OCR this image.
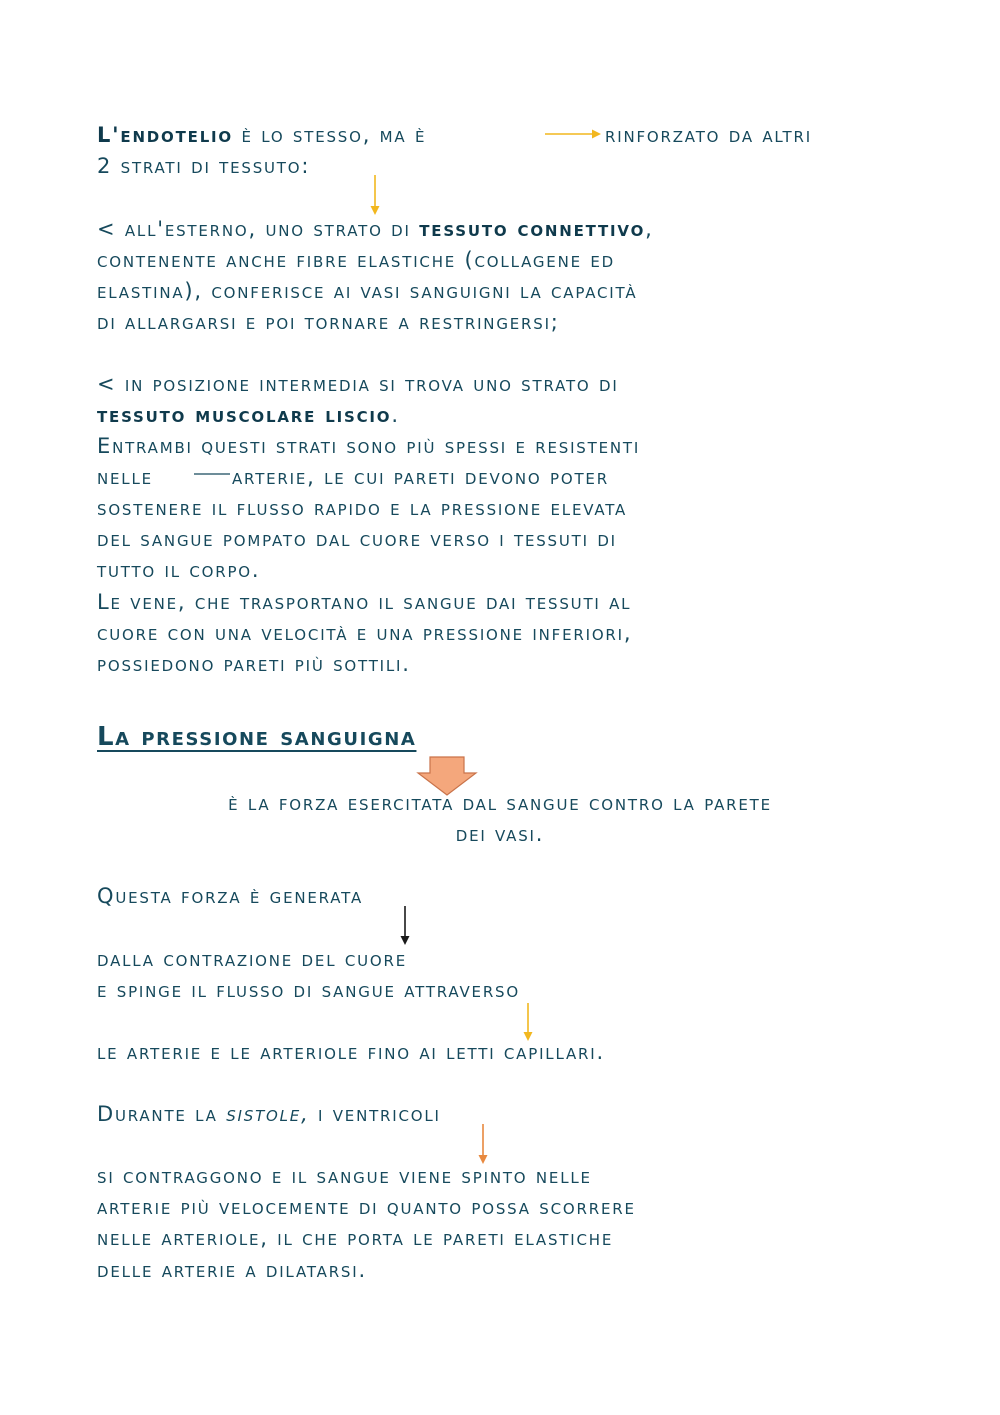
L'endotelio è lo stesso, ma è	rinforzato da altri
2 strati di tessuto:
< all'esterno, uno strato di tessuto connettivo,
contenente anche fibre elastiche (collagene ed
elastina), conferisce ai vasi sanguigni la capacità
di allargarsi e poi tornare a restringersi;
< in posizione intermedia si trova uno strato di
tessuto muscolare liscio.
Entrambi questi strati sono più spessi e resistenti
nelle	arterie, le cui pareti devono poter
sostenere il flusso rapido e la pressione elevata
del sangue pompato dal cuore verso i tessuti di
tutto il corpo.
Le vene, che trasportano il sangue dai tessuti al
cuore con una velocità e una pressione inferiori,
possiedono pareti più sottili.
La pressione sanguigna
è la forza esercitata dal sangue contro la parete
dei vasi.
Questa forza è generata
dalla contrazione del cuore
e spinge il flusso di sangue attraverso
le arterie e le arteriole fino ai letti capillari.
Durante la sistole, i ventricoli
si contraggono e il sangue viene spinto nelle
arterie più velocemente di quanto possa scorrere
nelle arteriole, il che porta le pareti elastiche
delle arterie a dilatarsi.
